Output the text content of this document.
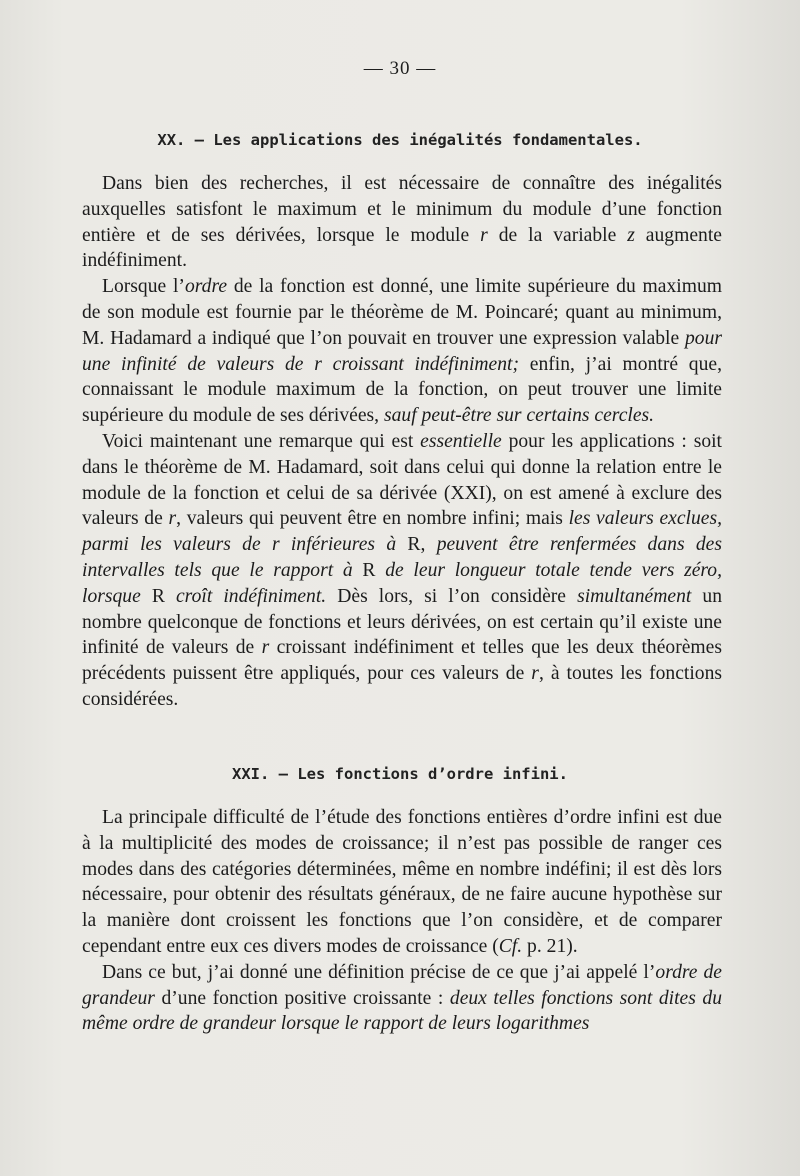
— 30 —
XX. — Les applications des inégalités fondamentales.

Dans bien des recherches, il est nécessaire de connaître des inégalités auxquelles satisfont le maximum et le minimum du module d’une fonction entière et de ses dérivées, lorsque le module r de la variable z augmente indéfiniment.

Lorsque l’ordre de la fonction est donné, une limite supérieure du maximum de son module est fournie par le théorème de M. Poincaré; quant au minimum, M. Hadamard a indiqué que l’on pouvait en trouver une expression valable pour une infinité de valeurs de r croissant indéfiniment; enfin, j’ai montré que, connaissant le module maximum de la fonction, on peut trouver une limite supérieure du module de ses dérivées, sauf peut-être sur certains cercles.

Voici maintenant une remarque qui est essentielle pour les applications : soit dans le théorème de M. Hadamard, soit dans celui qui donne la relation entre le module de la fonction et celui de sa dérivée (XXI), on est amené à exclure des valeurs de r, valeurs qui peuvent être en nombre infini; mais les valeurs exclues, parmi les valeurs de r inférieures à R, peuvent être renfermées dans des intervalles tels que le rapport à R de leur longueur totale tende vers zéro, lorsque R croît indéfiniment. Dès lors, si l’on considère simultanément un nombre quelconque de fonctions et leurs dérivées, on est certain qu’il existe une infinité de valeurs de r croissant indéfiniment et telles que les deux théorèmes précédents puissent être appliqués, pour ces valeurs de r, à toutes les fonctions considérées.

XXI. — Les fonctions d’ordre infini.

La principale difficulté de l’étude des fonctions entières d’ordre infini est due à la multiplicité des modes de croissance; il n’est pas possible de ranger ces modes dans des catégories déterminées, même en nombre indéfini; il est dès lors nécessaire, pour obtenir des résultats généraux, de ne faire aucune hypothèse sur la manière dont croissent les fonctions que l’on considère, et de comparer cependant entre eux ces divers modes de croissance (Cf. p. 21).

Dans ce but, j’ai donné une définition précise de ce que j’ai appelé l’ordre de grandeur d’une fonction positive croissante : deux telles fonctions sont dites du même ordre de grandeur lorsque le rapport de leurs logarithmes
